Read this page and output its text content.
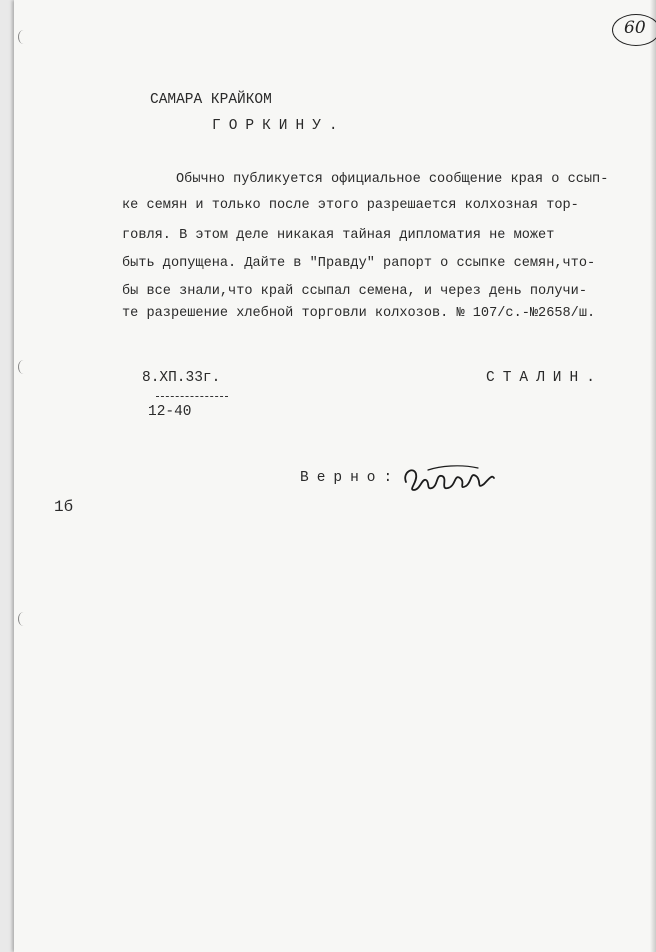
60
САМАРА КРАЙКОМ
ГОРКИНУ.
Обычно публикуется официальное сообщение края о ссып-
ке семян и только после этого разрешается колхозная тор-
говля. В этом деле никакая тайная дипломатия не может
быть допущена. Дайте в "Правду" рапорт о ссыпке семян,что-
бы все знали,что край ссыпал семена, и через день получи-
те разрешение хлебной торговли колхозов. № 107/с.-№2658/ш.
8.ХП.33г.
12-40
СТАЛИН.
Верно:
1б
